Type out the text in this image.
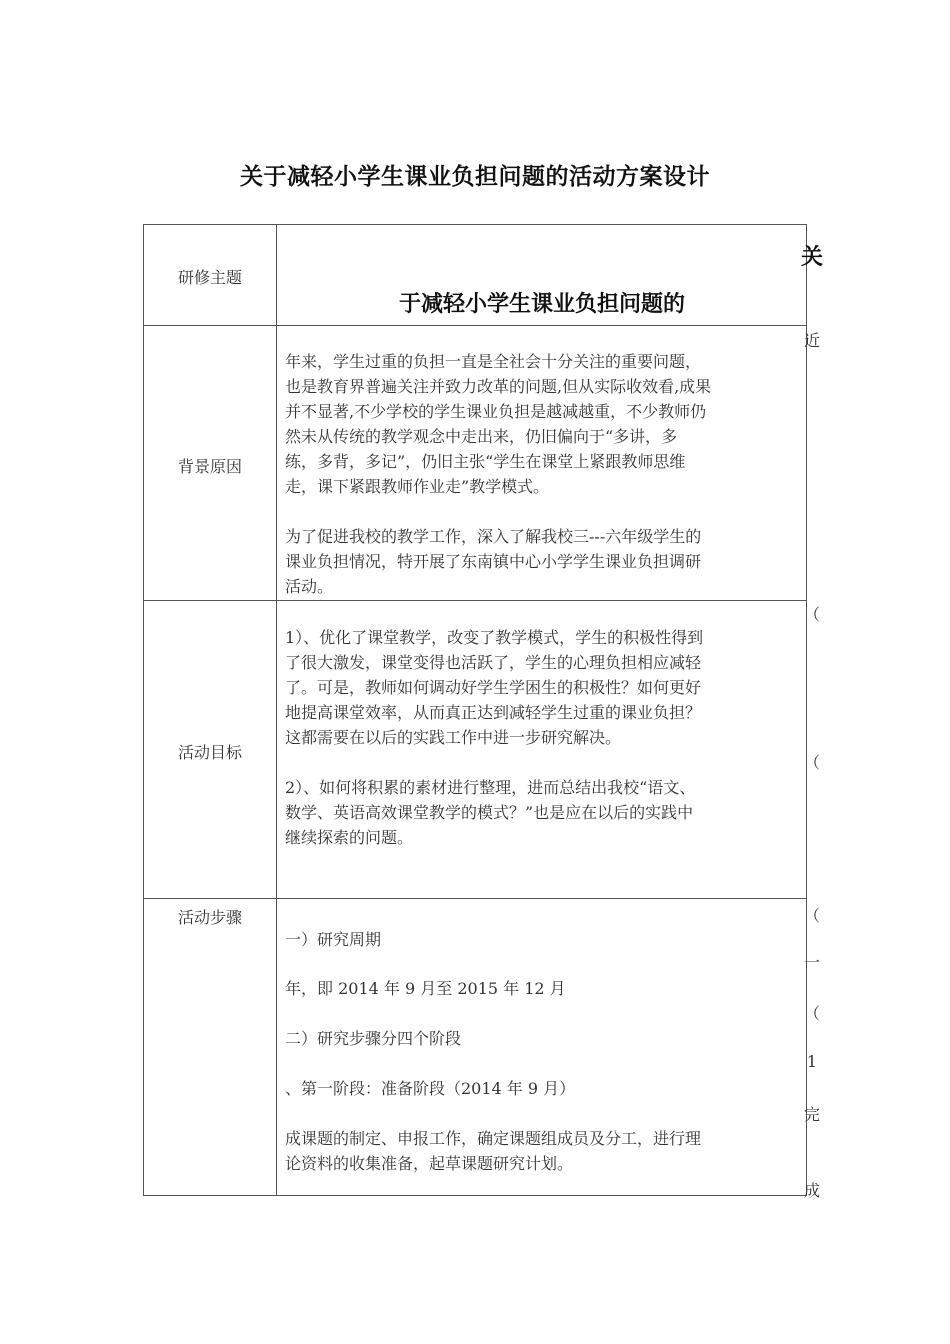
关于减轻小学生课业负担问题的活动方案设计
研修主题
于减轻小学生课业负担问题的
背景原因

年来，学生过重的负担一直是全社会十分关注的重要问题，

也是教育界普遍关注并致力改革的问题,但从实际收效看,成果

并不显著,不少学校的学生课业负担是越减越重，不少教师仍

然未从传统的教学观念中走出来，仍旧偏向于“多讲，多

练，多背，多记”，仍旧主张“学生在课堂上紧跟教师思维

走，课下紧跟教师作业走”教学模式。

为了促进我校的教学工作，深入了解我校三---六年级学生的

课业负担情况，特开展了东南镇中心小学学生课业负担调研

活动。

活动目标

1）、优化了课堂教学，改变了教学模式，学生的积极性得到

了很大激发，课堂变得也活跃了，学生的心理负担相应减轻

了。可是，教师如何调动好学生学困生的积极性？如何更好

地提高课堂效率，从而真正达到减轻学生过重的课业负担？

这都需要在以后的实践工作中进一步研究解决。

2）、如何将积累的素材进行整理，进而总结出我校“语文、

数学、英语高效课堂教学的模式？”也是应在以后的实践中

继续探索的问题。

活动步骤
一）研究周期
年，即 2014 年 9 月至 2015 年 12 月
二）研究步骤分四个阶段
、第一阶段：准备阶段（2014 年 9 月）

成课题的制定、申报工作，确定课题组成员及分工，进行理

论资料的收集准备，起草课题研究计划。

关
近
（
（
（
一
（
1
完
成
